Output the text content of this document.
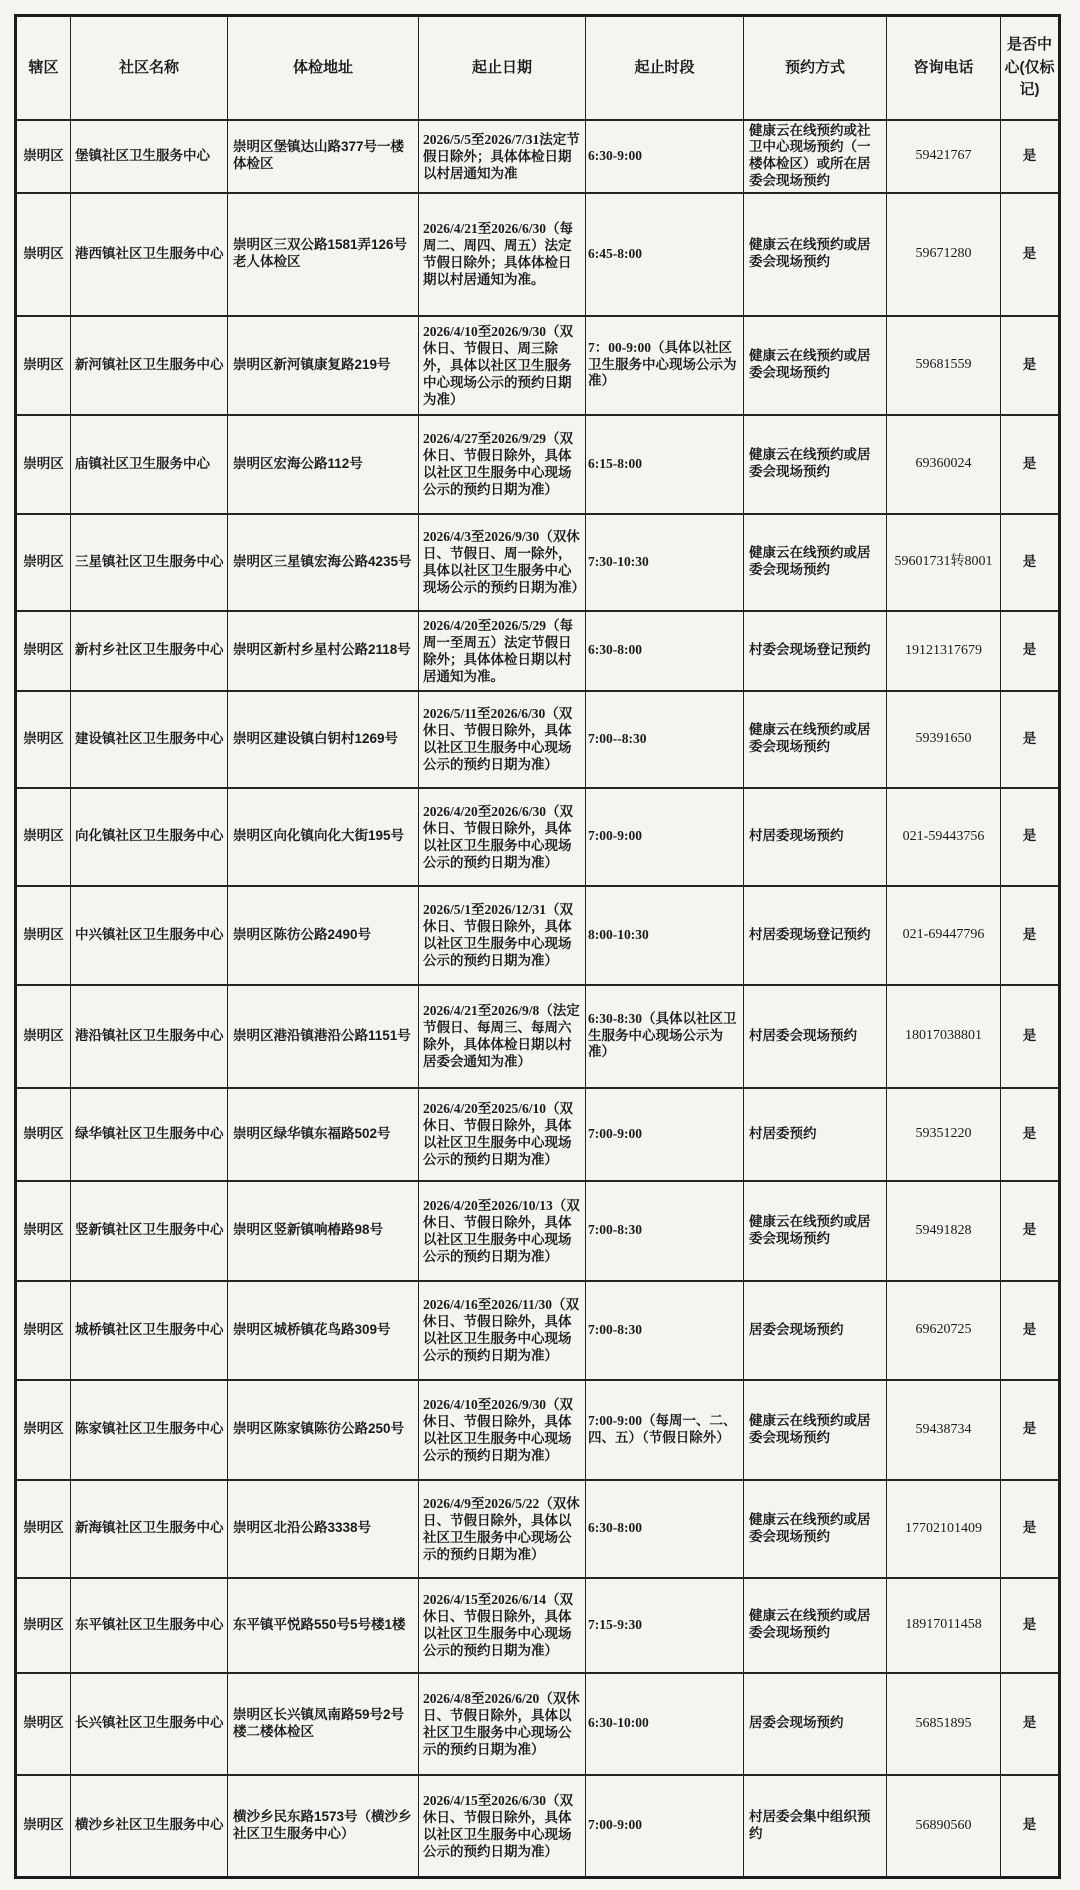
辖区	社区名称	体检地址	起止日期	起止时段	预约方式	咨询电话	是否中心(仅标记)
崇明区	堡镇社区卫生服务中心	崇明区堡镇达山路377号一楼体检区	2026/5/5至2026/7/31法定节假日除外；具体体检日期以村居通知为准	6:30-9:00	健康云在线预约或社卫中心现场预约（一楼体检区）或所在居委会现场预约	59421767	是
崇明区	港西镇社区卫生服务中心	崇明区三双公路1581弄126号老人体检区	2026/4/21至2026/6/30（每周二、周四、周五）法定节假日除外；具体体检日期以村居通知为准。	6:45-8:00	健康云在线预约或居委会现场预约	59671280	是
崇明区	新河镇社区卫生服务中心	崇明区新河镇康复路219号	2026/4/10至2026/9/30（双休日、节假日、周三除外，具体以社区卫生服务中心现场公示的预约日期为准）	7：00-9:00（具体以社区卫生服务中心现场公示为准）	健康云在线预约或居委会现场预约	59681559	是
崇明区	庙镇社区卫生服务中心	崇明区宏海公路112号	2026/4/27至2026/9/29（双休日、节假日除外，具体以社区卫生服务中心现场公示的预约日期为准）	6:15-8:00	健康云在线预约或居委会现场预约	69360024	是
崇明区	三星镇社区卫生服务中心	崇明区三星镇宏海公路4235号	2026/4/3至2026/9/30（双休日、节假日、周一除外，具体以社区卫生服务中心现场公示的预约日期为准）	7:30-10:30	健康云在线预约或居委会现场预约	59601731转8001	是
崇明区	新村乡社区卫生服务中心	崇明区新村乡星村公路2118号	2026/4/20至2026/5/29（每周一至周五）法定节假日除外；具体体检日期以村居通知为准。	6:30-8:00	村委会现场登记预约	19121317679	是
崇明区	建设镇社区卫生服务中心	崇明区建设镇白钥村1269号	2026/5/11至2026/6/30（双休日、节假日除外，具体以社区卫生服务中心现场公示的预约日期为准）	7:00--8:30	健康云在线预约或居委会现场预约	59391650	是
崇明区	向化镇社区卫生服务中心	崇明区向化镇向化大街195号	2026/4/20至2026/6/30（双休日、节假日除外，具体以社区卫生服务中心现场公示的预约日期为准）	7:00-9:00	村居委现场预约	021-59443756	是
崇明区	中兴镇社区卫生服务中心	崇明区陈彷公路2490号	2026/5/1至2026/12/31（双休日、节假日除外，具体以社区卫生服务中心现场公示的预约日期为准）	8:00-10:30	村居委现场登记预约	021-69447796	是
崇明区	港沿镇社区卫生服务中心	崇明区港沿镇港沿公路1151号	2026/4/21至2026/9/8（法定节假日、每周三、每周六除外，具体体检日期以村居委会通知为准）	6:30-8:30（具体以社区卫生服务中心现场公示为准）	村居委会现场预约	18017038801	是
崇明区	绿华镇社区卫生服务中心	崇明区绿华镇东福路502号	2026/4/20至2025/6/10（双休日、节假日除外，具体以社区卫生服务中心现场公示的预约日期为准）	7:00-9:00	村居委预约	59351220	是
崇明区	竖新镇社区卫生服务中心	崇明区竖新镇响椿路98号	2026/4/20至2026/10/13（双休日、节假日除外，具体以社区卫生服务中心现场公示的预约日期为准）	7:00-8:30	健康云在线预约或居委会现场预约	59491828	是
崇明区	城桥镇社区卫生服务中心	崇明区城桥镇花鸟路309号	2026/4/16至2026/11/30（双休日、节假日除外，具体以社区卫生服务中心现场公示的预约日期为准）	7:00-8:30	居委会现场预约	69620725	是
崇明区	陈家镇社区卫生服务中心	崇明区陈家镇陈彷公路250号	2026/4/10至2026/9/30（双休日、节假日除外，具体以社区卫生服务中心现场公示的预约日期为准）	7:00-9:00（每周一、二、四、五）（节假日除外）	健康云在线预约或居委会现场预约	59438734	是
崇明区	新海镇社区卫生服务中心	崇明区北沿公路3338号	2026/4/9至2026/5/22（双休日、节假日除外，具体以社区卫生服务中心现场公示的预约日期为准）	6:30-8:00	健康云在线预约或居委会现场预约	17702101409	是
崇明区	东平镇社区卫生服务中心	东平镇平悦路550号5号楼1楼	2026/4/15至2026/6/14（双休日、节假日除外，具体以社区卫生服务中心现场公示的预约日期为准）	7:15-9:30	健康云在线预约或居委会现场预约	18917011458	是
崇明区	长兴镇社区卫生服务中心	崇明区长兴镇凤南路59号2号楼二楼体检区	2026/4/8至2026/6/20（双休日、节假日除外，具体以社区卫生服务中心现场公示的预约日期为准）	6:30-10:00	居委会现场预约	56851895	是
崇明区	横沙乡社区卫生服务中心	横沙乡民东路1573号（横沙乡社区卫生服务中心）	2026/4/15至2026/6/30（双休日、节假日除外，具体以社区卫生服务中心现场公示的预约日期为准）	7:00-9:00	村居委会集中组织预约	56890560	是
